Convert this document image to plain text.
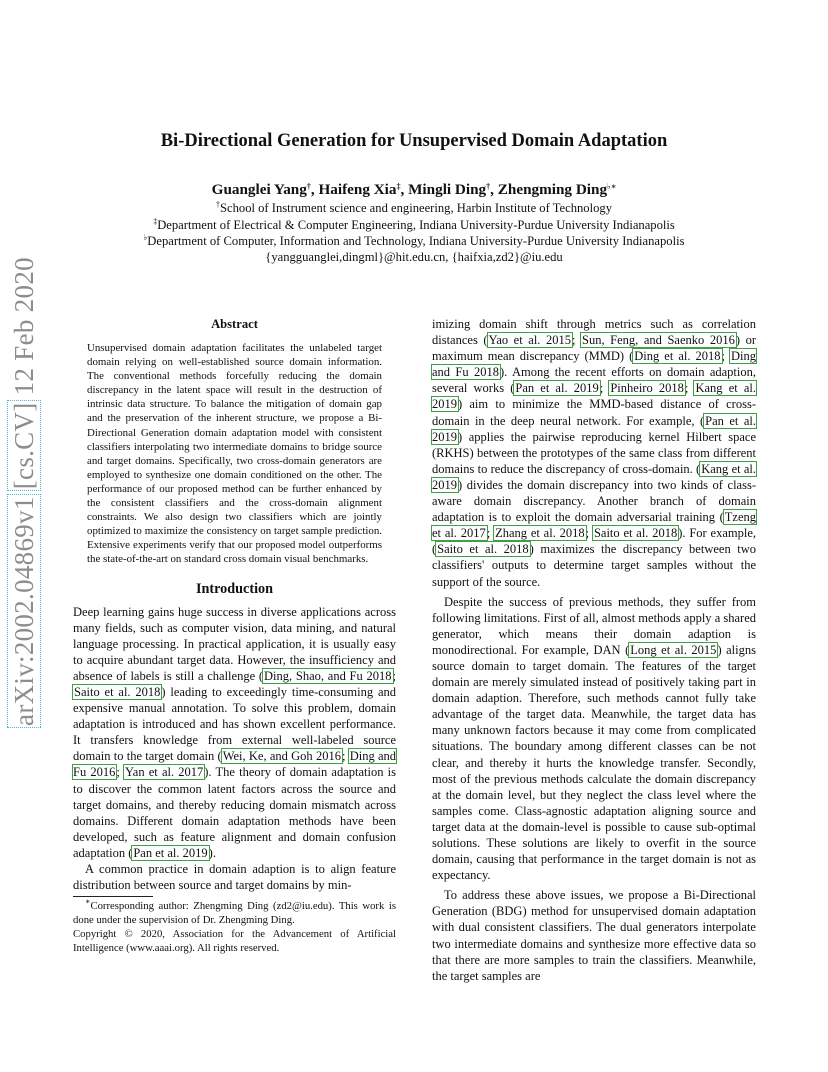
arXiv:2002.04869v1 [cs.CV] 12 Feb 2020
Bi-Directional Generation for Unsupervised Domain Adaptation
Guanglei Yang†, Haifeng Xia‡, Mingli Ding†, Zhengming Ding♭∗
†School of Instrument science and engineering, Harbin Institute of Technology
‡Department of Electrical & Computer Engineering, Indiana University-Purdue University Indianapolis
♭Department of Computer, Information and Technology, Indiana University-Purdue University Indianapolis
{yangguanglei,dingml}@hit.edu.cn, {haifxia,zd2}@iu.edu
Abstract

Unsupervised domain adaptation facilitates the unlabeled target domain relying on well-established source domain information. The conventional methods forcefully reducing the domain discrepancy in the latent space will result in the destruction of intrinsic data structure. To balance the mitigation of domain gap and the preservation of the inherent structure, we propose a Bi-Directional Generation domain adaptation model with consistent classifiers interpolating two intermediate domains to bridge source and target domains. Specifically, two cross-domain generators are employed to synthesize one domain conditioned on the other. The performance of our proposed method can be further enhanced by the consistent classifiers and the cross-domain alignment constraints. We also design two classifiers which are jointly optimized to maximize the consistency on target sample prediction. Extensive experiments verify that our proposed model outperforms the state-of-the-art on standard cross domain visual benchmarks.

Introduction

Deep learning gains huge success in diverse applications across many fields, such as computer vision, data mining, and natural language processing. In practical application, it is usually easy to acquire abundant target data. However, the insufficiency and absence of labels is still a challenge (Ding, Shao, and Fu 2018; Saito et al. 2018) leading to exceedingly time-consuming and expensive manual annotation. To solve this problem, domain adaptation is introduced and has shown excellent performance. It transfers knowledge from external well-labeled source domain to the target domain (Wei, Ke, and Goh 2016; Ding and Fu 2016; Yan et al. 2017). The theory of domain adaptation is to discover the common latent factors across the source and target domains, and thereby reducing domain mismatch across domains. Different domain adaptation methods have been developed, such as feature alignment and domain confusion adaptation (Pan et al. 2019).

A common practice in domain adaption is to align feature distribution between source and target domains by min-

∗Corresponding author: Zhengming Ding (zd2@iu.edu). This work is done under the supervision of Dr. Zhengming Ding.

Copyright © 2020, Association for the Advancement of Artificial Intelligence (www.aaai.org). All rights reserved.

imizing domain shift through metrics such as correlation distances (Yao et al. 2015; Sun, Feng, and Saenko 2016) or maximum mean discrepancy (MMD) (Ding et al. 2018; Ding and Fu 2018). Among the recent efforts on domain adaption, several works (Pan et al. 2019; Pinheiro 2018; Kang et al. 2019) aim to minimize the MMD-based distance of cross-domain in the deep neural network. For example, (Pan et al. 2019) applies the pairwise reproducing kernel Hilbert space (RKHS) between the prototypes of the same class from different domains to reduce the discrepancy of cross-domain. (Kang et al. 2019) divides the domain discrepancy into two kinds of class-aware domain discrepancy. Another branch of domain adaptation is to exploit the domain adversarial training (Tzeng et al. 2017; Zhang et al. 2018; Saito et al. 2018). For example, (Saito et al. 2018) maximizes the discrepancy between two classifiers' outputs to determine target samples without the support of the source.

Despite the success of previous methods, they suffer from following limitations. First of all, almost methods apply a shared generator, which means their domain adaption is monodirectional. For example, DAN (Long et al. 2015) aligns source domain to target domain. The features of the target domain are merely simulated instead of positively taking part in domain adaption. Therefore, such methods cannot fully take advantage of the target data. Meanwhile, the target data has many unknown factors because it may come from complicated situations. The boundary among different classes can be not clear, and thereby it hurts the knowledge transfer. Secondly, most of the previous methods calculate the domain discrepancy at the domain level, but they neglect the class level where the samples come. Class-agnostic adaptation aligning source and target data at the domain-level is possible to cause sub-optimal solutions. These solutions are likely to overfit in the source domain, causing that performance in the target domain is not as expectancy.

To address these above issues, we propose a Bi-Directional Generation (BDG) method for unsupervised domain adaptation with dual consistent classifiers. The dual generators interpolate two intermediate domains and synthesize more effective data so that there are more samples to train the classifiers. Meanwhile, the target samples are
